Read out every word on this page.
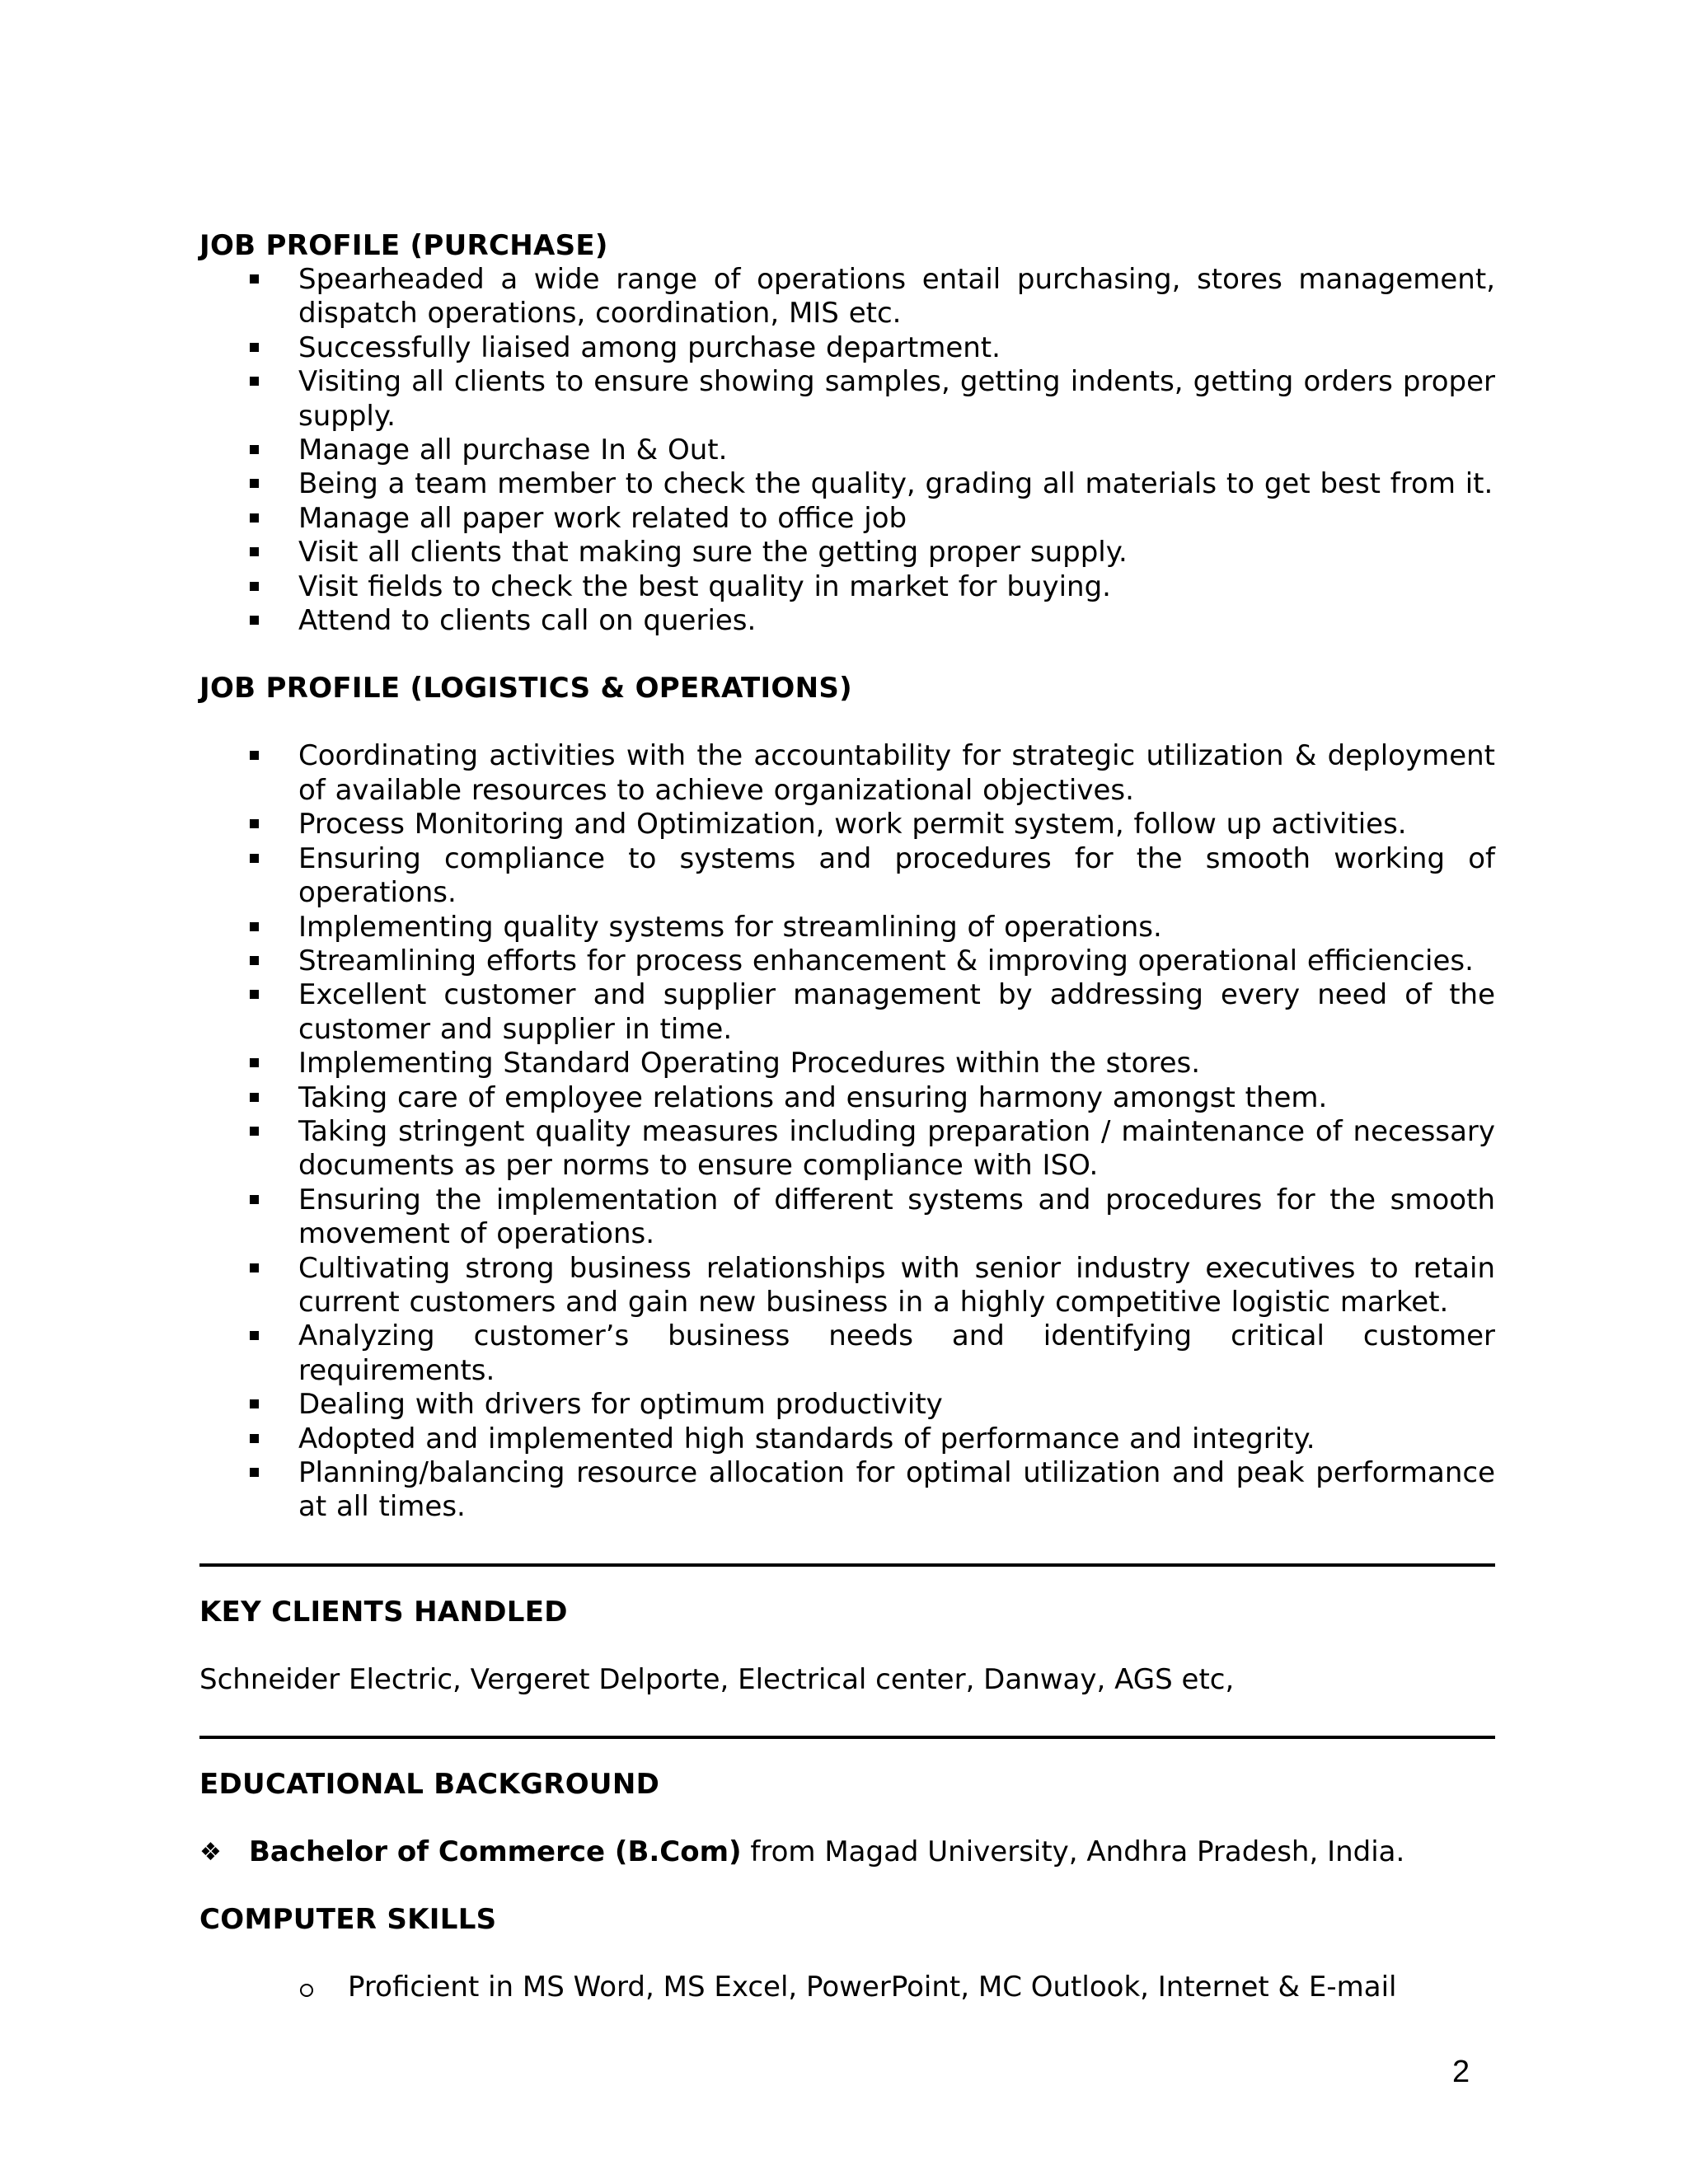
JOB PROFILE (PURCHASE)
Spearheaded a wide range of operations entail purchasing, stores management, dispatch operations, coordination, MIS etc.
Successfully liaised among purchase department.
Visiting all clients to ensure showing samples, getting indents, getting orders proper supply.
Manage all purchase In & Out.
Being a team member to check the quality, grading all materials to get best from it.
Manage all paper work related to office job
Visit all clients that making sure the getting proper supply.
Visit fields to check the best quality in market for buying.
Attend to clients call on queries.
JOB PROFILE (LOGISTICS & OPERATIONS)
Coordinating activities with the accountability for strategic utilization & deployment of available resources to achieve organizational objectives.
Process Monitoring and Optimization, work permit system, follow up activities.
Ensuring compliance to systems and procedures for the smooth working of operations.
Implementing quality systems for streamlining of operations.
Streamlining efforts for process enhancement & improving operational efficiencies.
Excellent customer and supplier management by addressing every need of the customer and supplier in time.
Implementing Standard Operating Procedures within the stores.
Taking care of employee relations and ensuring harmony amongst them.
Taking stringent quality measures including preparation / maintenance of necessary documents as per norms to ensure compliance with ISO.
Ensuring the implementation of different systems and procedures for the smooth movement of operations.
Cultivating strong business relationships with senior industry executives to retain current customers and gain new business in a highly competitive logistic market.
Analyzing customer’s business needs and identifying critical customer requirements.
Dealing with drivers for optimum productivity
Adopted and implemented high standards of performance and integrity.
Planning/balancing resource allocation for optimal utilization and peak performance at all times.
KEY CLIENTS HANDLED

Schneider Electric, Vergeret Delporte, Electrical center, Danway, AGS etc,

EDUCATIONAL BACKGROUND
❖ Bachelor of Commerce (B.Com) from Magad University, Andhra Pradesh, India.
COMPUTER SKILLS
Proficient in MS Word, MS Excel, PowerPoint, MC Outlook, Internet & E-mail
2
